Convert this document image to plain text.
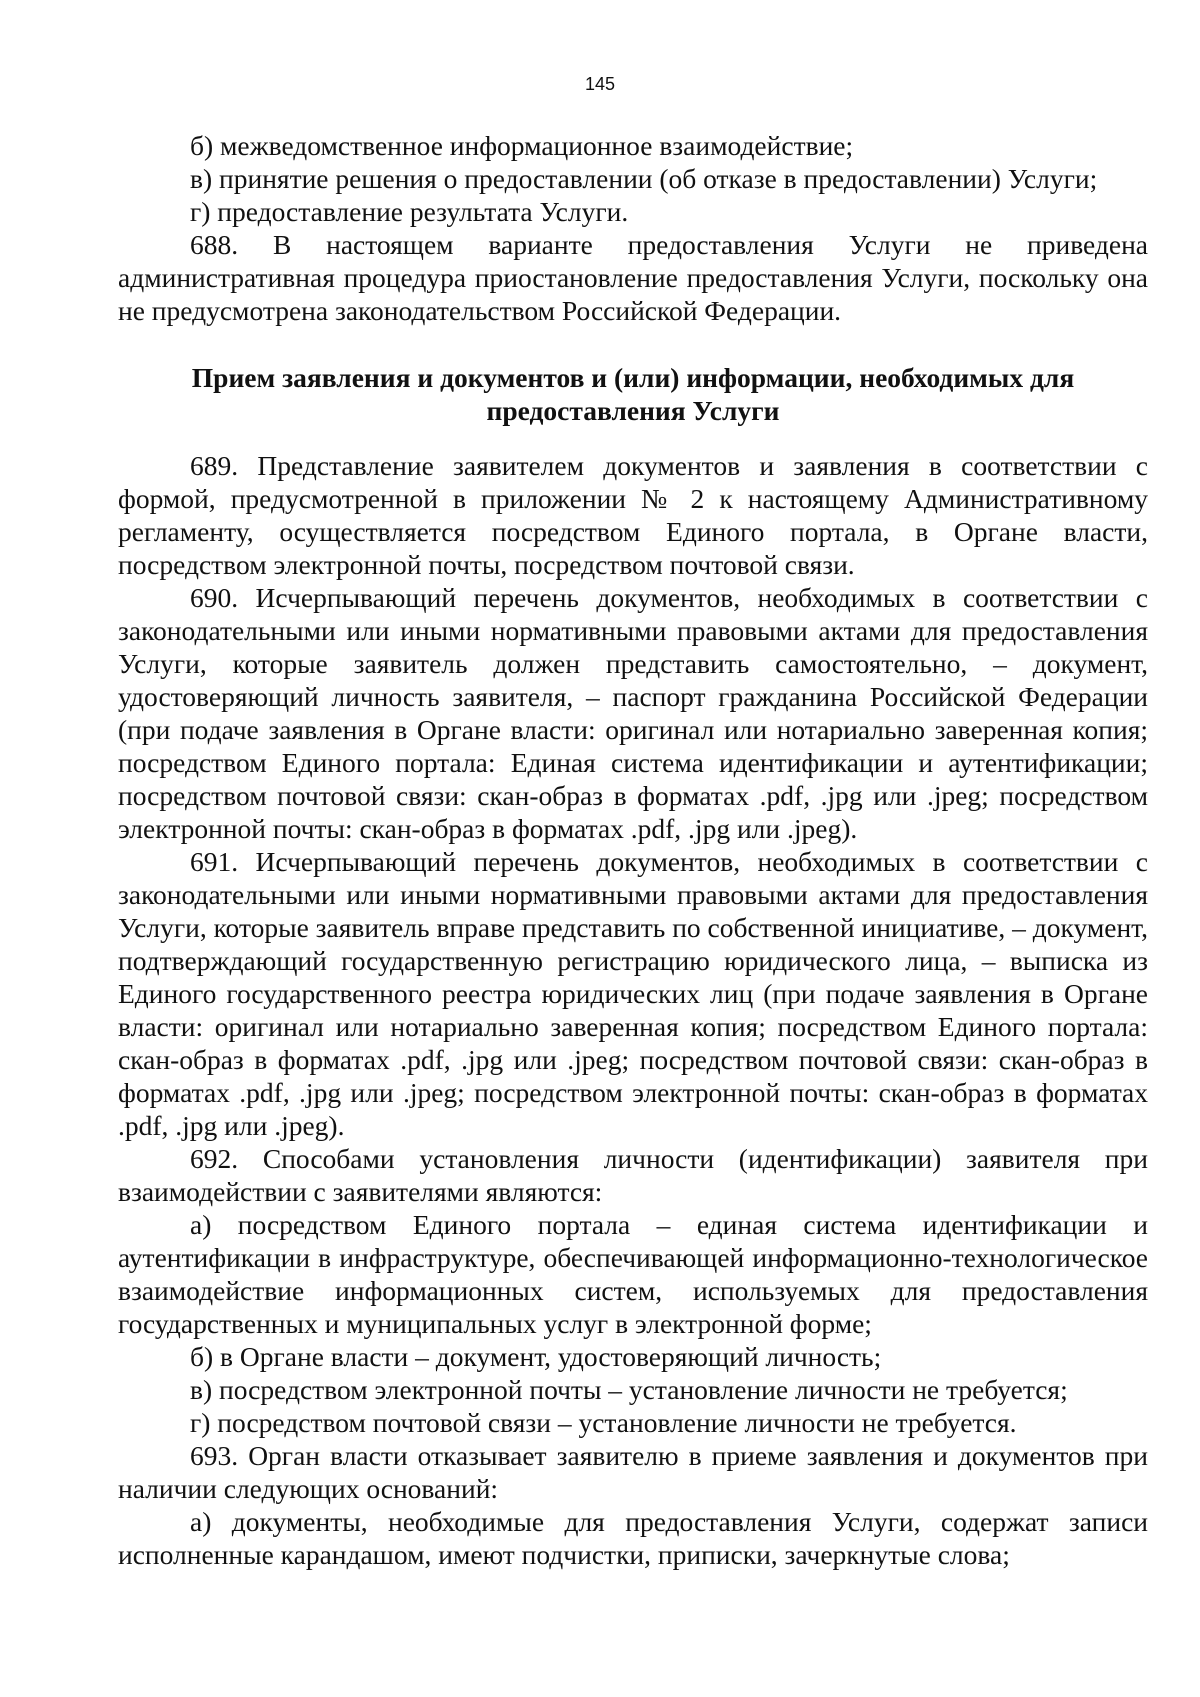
145

б) межведомственное информационное взаимодействие;

в) принятие решения о предоставлении (об отказе в предоставлении) Услуги;

г) предоставление результата Услуги.

688. В настоящем варианте предоставления Услуги не приведена административная процедура приостановление предоставления Услуги, поскольку она не предусмотрена законодательством Российской Федерации.

Прием заявления и документов и (или) информации, необходимых для предоставления Услуги

689. Представление заявителем документов и заявления в соответствии с формой, предусмотренной в приложении № 2 к настоящему Административному регламенту, осуществляется посредством Единого портала, в Органе власти, посредством электронной почты, посредством почтовой связи.

690. Исчерпывающий перечень документов, необходимых в соответствии с законодательными или иными нормативными правовыми актами для предоставления Услуги, которые заявитель должен представить самостоятельно, – документ, удостоверяющий личность заявителя, – паспорт гражданина Российской Федерации (при подаче заявления в Органе власти: оригинал или нотариально заверенная копия; посредством Единого портала: Единая система идентификации и аутентификации; посредством почтовой связи: скан-образ в форматах .pdf, .jpg или .jpeg; посредством электронной почты: скан-образ в форматах .pdf, .jpg или .jpeg).

691. Исчерпывающий перечень документов, необходимых в соответствии с законодательными или иными нормативными правовыми актами для предоставления Услуги, которые заявитель вправе представить по собственной инициативе, – документ, подтверждающий государственную регистрацию юридического лица, – выписка из Единого государственного реестра юридических лиц (при подаче заявления в Органе власти: оригинал или нотариально заверенная копия; посредством Единого портала: скан-образ в форматах .pdf, .jpg или .jpeg; посредством почтовой связи: скан-образ в форматах .pdf, .jpg или .jpeg; посредством электронной почты: скан-образ в форматах .pdf, .jpg или .jpeg).

692. Способами установления личности (идентификации) заявителя при взаимодействии с заявителями являются:

а) посредством Единого портала – единая система идентификации и аутентификации в инфраструктуре, обеспечивающей информационно-технологическое взаимодействие информационных систем, используемых для предоставления государственных и муниципальных услуг в электронной форме;

б) в Органе власти – документ, удостоверяющий личность;

в) посредством электронной почты – установление личности не требуется;

г) посредством почтовой связи – установление личности не требуется.

693. Орган власти отказывает заявителю в приеме заявления и документов при наличии следующих оснований:

а) документы, необходимые для предоставления Услуги, содержат записи исполненные карандашом, имеют подчистки, приписки, зачеркнутые слова;
